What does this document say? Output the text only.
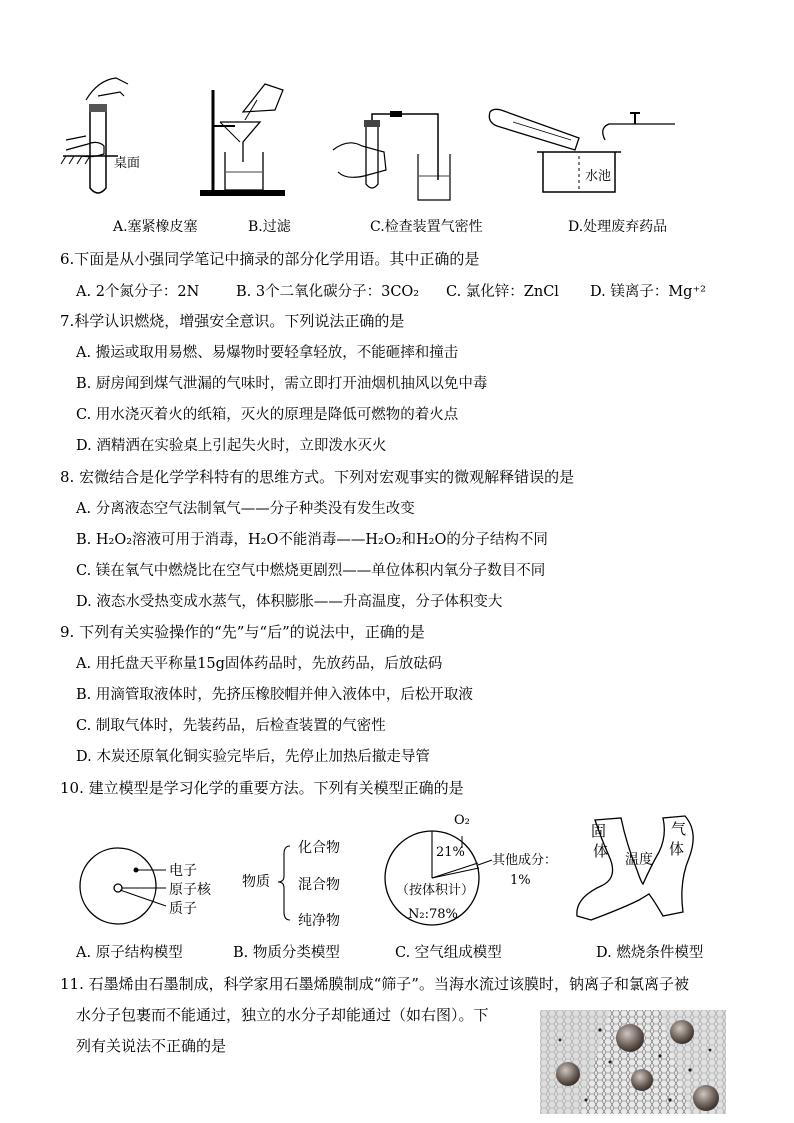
桌面
水池
A.塞紧橡皮塞	B.过滤	C.检查装置气密性	D.处理废弃药品
6.下面是从小强同学笔记中摘录的部分化学用语。其中正确的是
A. 2个氮分子：2N	B. 3个二氧化碳分子：3CO₂ C. 氯化锌：ZnCl D. 镁离子：Mg⁺²
7.科学认识燃烧，增强安全意识。下列说法正确的是
A. 搬运或取用易燃、易爆物时要轻拿轻放，不能砸摔和撞击
B. 厨房闻到煤气泄漏的气味时，需立即打开油烟机抽风以免中毒
C. 用水浇灭着火的纸箱，灭火的原理是降低可燃物的着火点
D. 酒精洒在实验桌上引起失火时，立即泼水灭火
8. 宏微结合是化学学科特有的思维方式。下列对宏观事实的微观解释错误的是
A. 分离液态空气法制氧气——分子种类没有发生改变
B. H₂O₂溶液可用于消毒，H₂O不能消毒——H₂O₂和H₂O的分子结构不同
C. 镁在氧气中燃烧比在空气中燃烧更剧烈——单位体积内氧分子数目不同
D. 液态水受热变成水蒸气，体积膨胀——升高温度，分子体积变大
9. 下列有关实验操作的“先”与“后”的说法中，正确的是
A. 用托盘天平称量15g固体药品时，先放药品，后放砝码
B. 用滴管取液体时，先挤压橡胶帽并伸入液体中，后松开取液
C. 制取气体时，先装药品，后检查装置的气密性
D. 木炭还原氧化铜实验完毕后，先停止加热后撤走导管
10. 建立模型是学习化学的重要方法。下列有关模型正确的是
电子
原子核
质子
物质
化合物
混合物
纯净物
O₂
21%
其他成分：
1%
（按体积计）
N₂:78%
固
体
气
体
温度
A. 原子结构模型	B. 物质分类模型	C. 空气组成模型	D. 燃烧条件模型
11. 石墨烯由石墨制成，科学家用石墨烯膜制成“筛子”。当海水流过该膜时，钠离子和氯离子被
水分子包裹而不能通过，独立的水分子却能通过（如右图）。下
列有关说法不正确的是
